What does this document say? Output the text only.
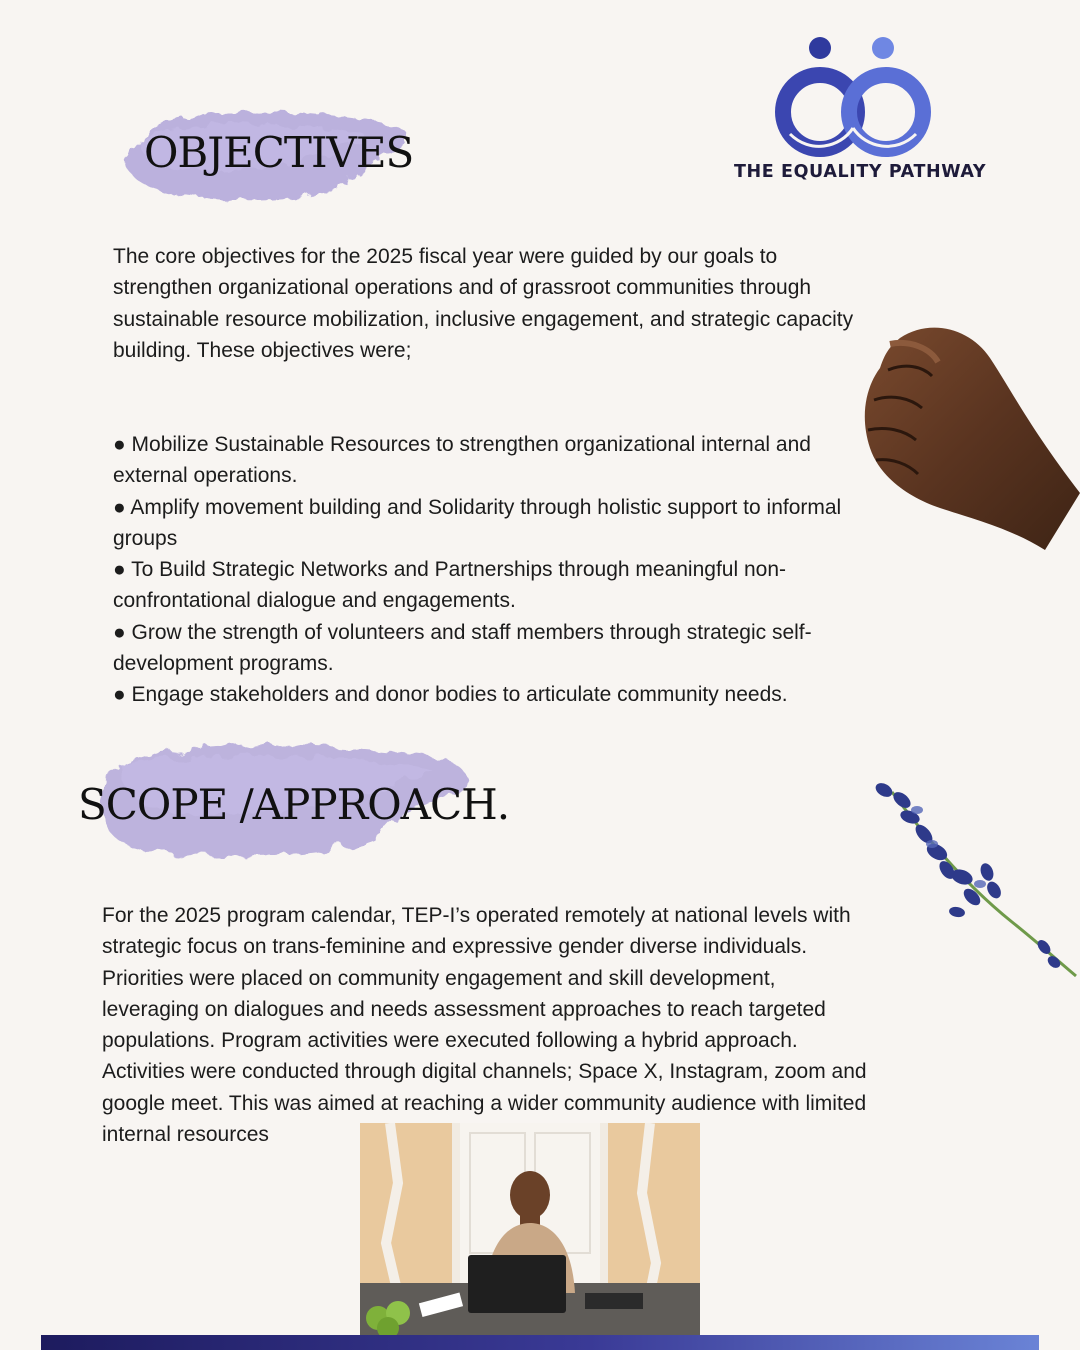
OBJECTIVES	THE EQUALITY PATHWAY
The core objectives for the 2025 fiscal year were guided by our goals to
strengthen organizational operations and of grassroot communities through
sustainable resource mobilization, inclusive engagement, and strategic capacity
building. These objectives were;
● Mobilize Sustainable Resources to strengthen organizational internal and
external operations.
● Amplify movement building and Solidarity through holistic support to informal
groups
● To Build Strategic Networks and Partnerships through meaningful non-
confrontational dialogue and engagements.
● Grow the strength of volunteers and staff members through strategic self-
development programs.
● Engage stakeholders and donor bodies to articulate community needs.
SCOPE /APPROACH.
For the 2025 program calendar, TEP-I’s operated remotely at national levels with
strategic focus on trans-feminine and expressive gender diverse individuals.
Priorities were placed on community engagement and skill development,
leveraging on dialogues and needs assessment approaches to reach targeted
populations. Program activities were executed following a hybrid approach.
Activities were conducted through digital channels; Space X, Instagram, zoom and
google meet. This was aimed at reaching a wider community audience with limited
internal resources
